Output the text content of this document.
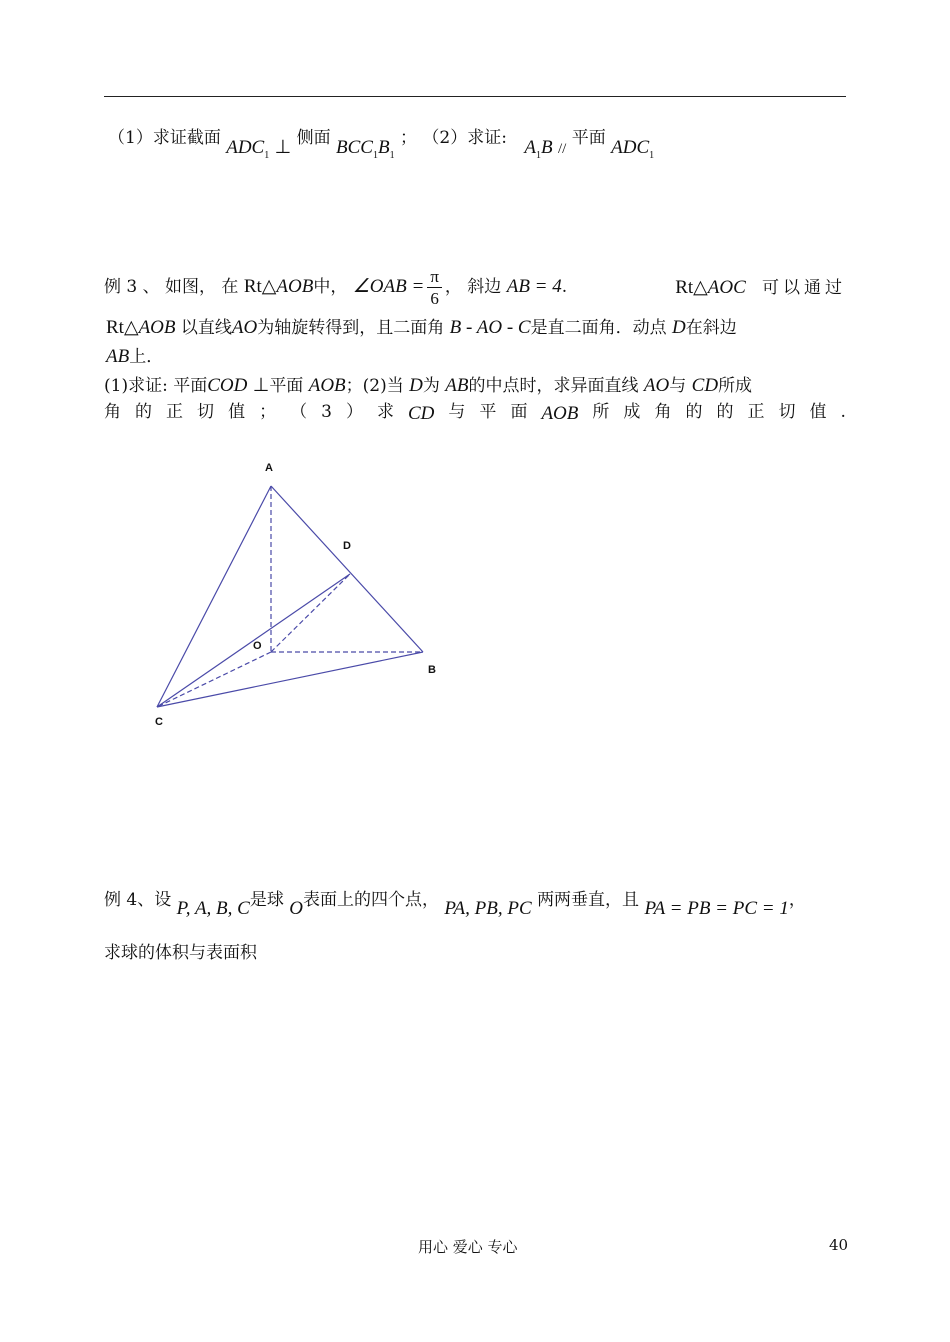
（1）求证截面 $ADC_1$ ⊥ 侧面 $BCC_1B_1$ ； （2）求证: $A_1B$ // 平面 $ADC_1$
例 3 、 如图， 在 Rt△AOB中， ∠OAB = $\frac{\pi}{6}$ ， 斜边 AB = 4.	Rt△AOC 可以通过
Rt△AOB 以直线AO为轴旋转得到，且二面角 B - AO - C是直二面角．动点 D在斜边
AB上．
(1)求证: 平面COD ⊥平面 AOB；(2)当 D为 AB的中点时，求异面直线 AO与 CD所成
角 的 正 切 值 ； （ 3 ） 求 CD 与 平 面 AOB 所 成 角 的 的 正 切 值 .
A
D
O
B
C
例 4、设 P, A, B, C是球 O表面上的四个点， PA, PB, PC 两两垂直，且 PA = PB = PC = 1，
求球的体积与表面积
用心 爱心 专心	40
